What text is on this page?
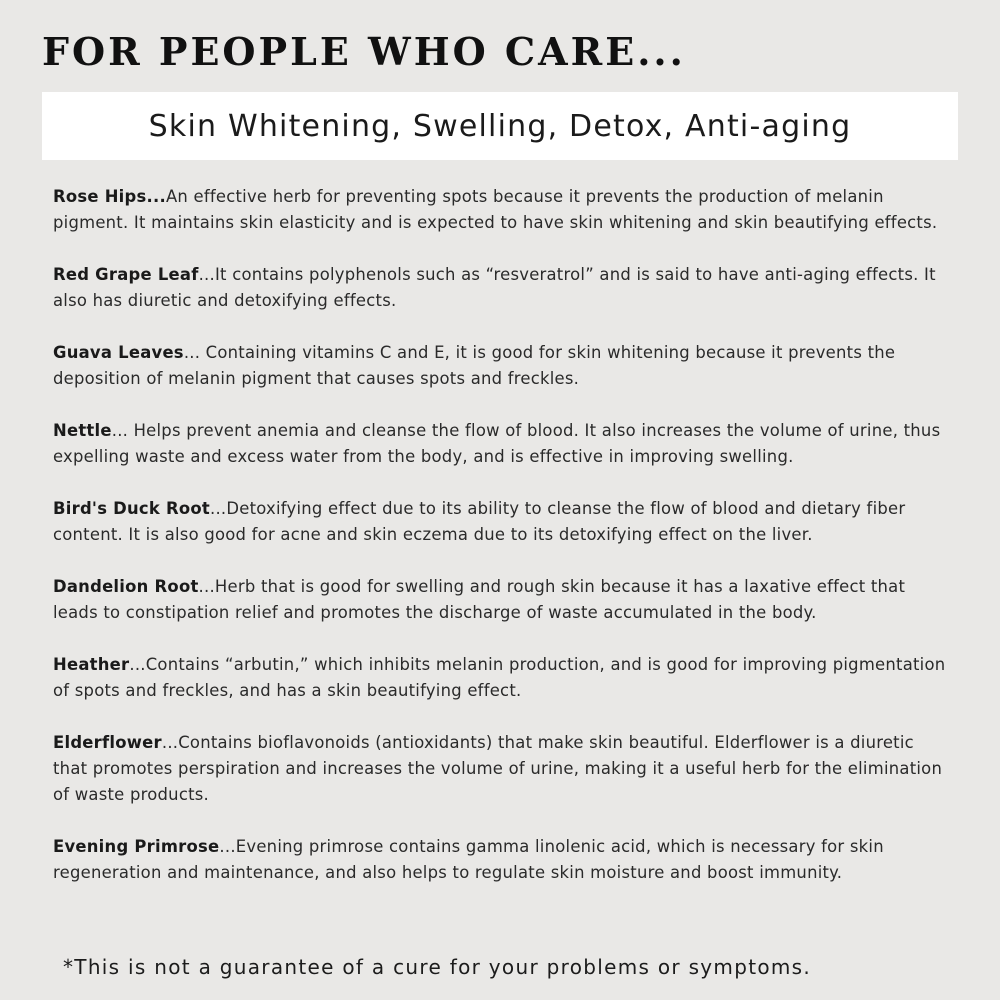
FOR PEOPLE WHO CARE...
Skin Whitening, Swelling, Detox, Anti-aging
Rose Hips...An effective herb for preventing spots because it prevents the production of melanin pigment. It maintains skin elasticity and is expected to have skin whitening and skin beautifying effects.
Red Grape Leaf...It contains polyphenols such as “resveratrol” and is said to have anti-aging effects. It also has diuretic and detoxifying effects.
Guava Leaves... Containing vitamins C and E, it is good for skin whitening because it prevents the deposition of melanin pigment that causes spots and freckles.
Nettle... Helps prevent anemia and cleanse the flow of blood. It also increases the volume of urine, thus expelling waste and excess water from the body, and is effective in improving swelling.
Bird's Duck Root...Detoxifying effect due to its ability to cleanse the flow of blood and dietary fiber content. It is also good for acne and skin eczema due to its detoxifying effect on the liver.
Dandelion Root...Herb that is good for swelling and rough skin because it has a laxative effect that leads to constipation relief and promotes the discharge of waste accumulated in the body.
Heather...Contains “arbutin,” which inhibits melanin production, and is good for improving pigmentation of spots and freckles, and has a skin beautifying effect.
Elderflower...Contains bioflavonoids (antioxidants) that make skin beautiful. Elderflower is a diuretic that promotes perspiration and increases the volume of urine, making it a useful herb for the elimination of waste products.
Evening Primrose...Evening primrose contains gamma linolenic acid, which is necessary for skin regeneration and maintenance, and also helps to regulate skin moisture and boost immunity.

*This is not a guarantee of a cure for your problems or symptoms.
